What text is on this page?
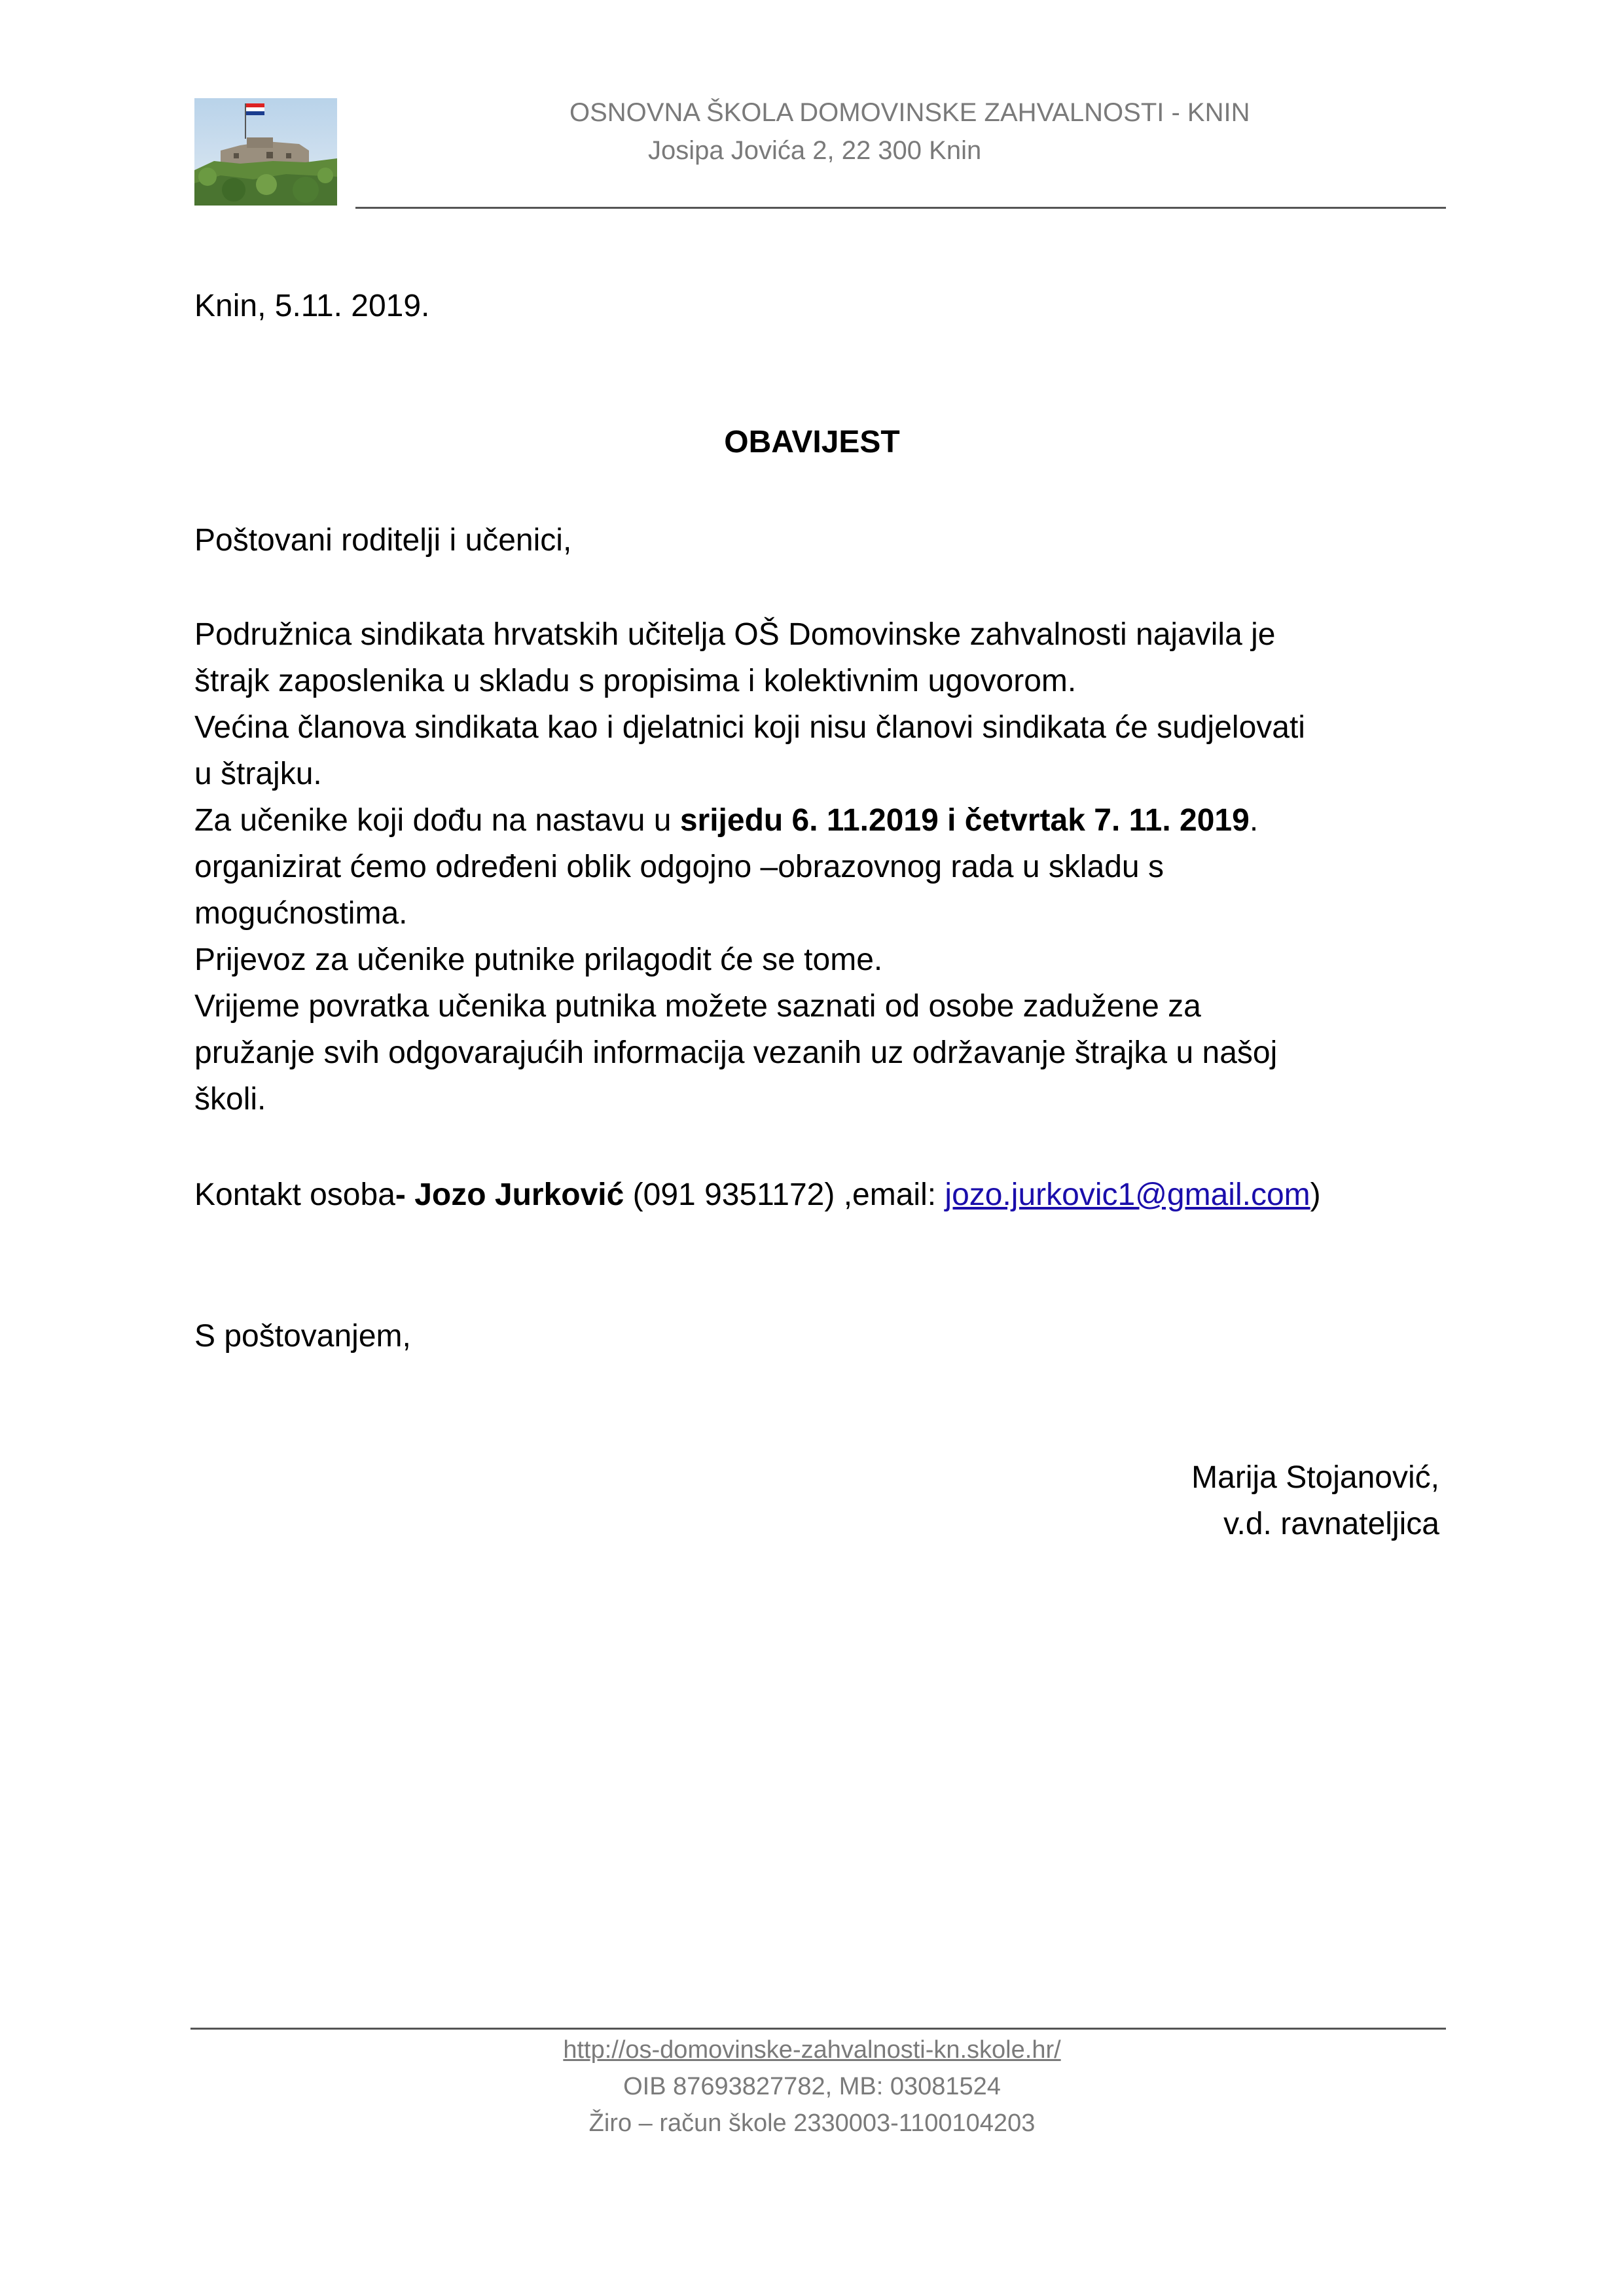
OSNOVNA ŠKOLA DOMOVINSKE ZAHVALNOSTI - KNIN
Josipa Jovića 2, 22 300 Knin
Knin, 5.11. 2019.
OBAVIJEST
Poštovani roditelji i učenici,
Podružnica sindikata hrvatskih učitelja OŠ Domovinske zahvalnosti najavila je
štrajk zaposlenika u skladu s propisima i kolektivnim ugovorom.
Većina članova sindikata kao i djelatnici koji nisu članovi sindikata će sudjelovati
u štrajku.
Za učenike koji dođu na nastavu u srijedu 6. 11.2019 i četvrtak 7. 11. 2019.
organizirat ćemo određeni oblik odgojno –obrazovnog rada u skladu s
mogućnostima.
Prijevoz za učenike putnike prilagodit će se tome.
Vrijeme povratka učenika putnika možete saznati od osobe zadužene za
pružanje svih odgovarajućih informacija vezanih uz održavanje štrajka u našoj
školi.
Kontakt osoba- Jozo Jurković (091 9351172) ,email: jozo.jurkovic1@gmail.com)
S poštovanjem,
Marija Stojanović,
v.d. ravnateljica
http://os-domovinske-zahvalnosti-kn.skole.hr/
OIB 87693827782, MB: 03081524
Žiro – račun škole 2330003-1100104203
